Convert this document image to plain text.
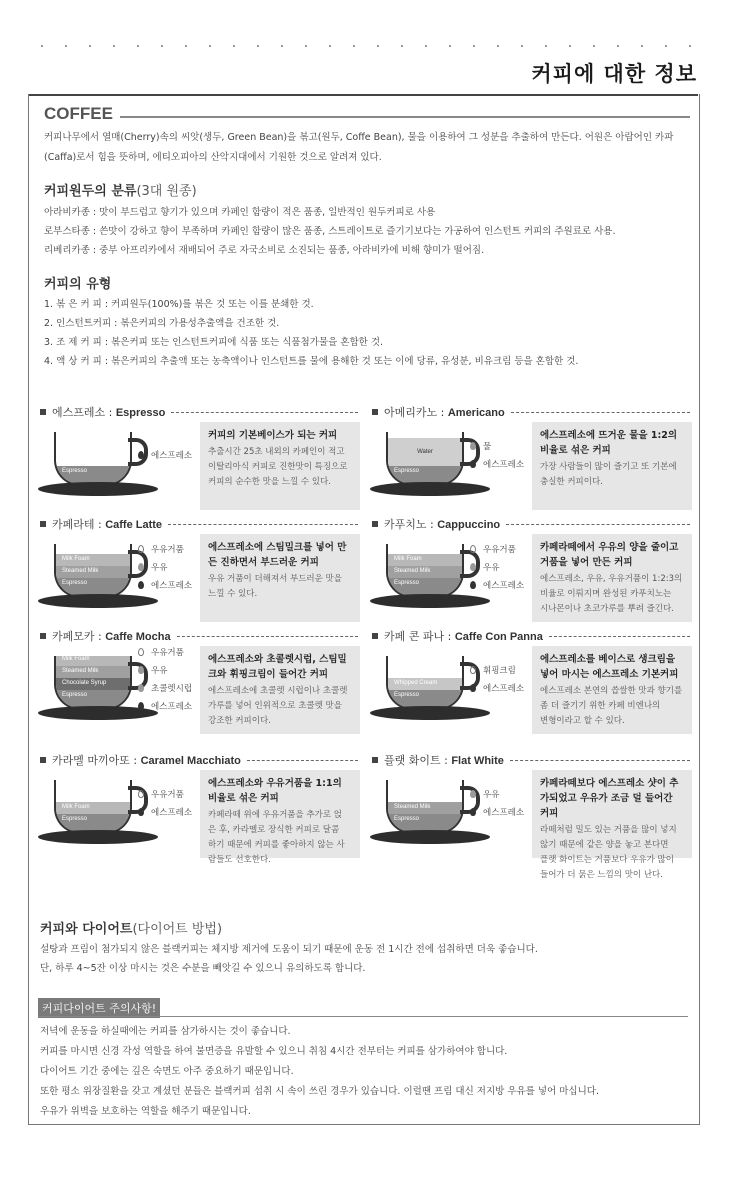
커피에 대한 정보
COFFEE
커피나무에서 열매(Cherry)속의 씨앗(생두, Green Bean)을 볶고(원두, Coffe Bean), 물을 이용하여 그 성분을 추출하여 만든다. 어원은 아랍어인 카파
(Caffa)로서 힘을 뜻하며, 에티오피아의 산악지대에서 기원한 것으로 알려져 있다.
커피원두의 분류(3대 원종)
아라비카종 : 맛이 부드럽고 향기가 있으며 카페인 함량이 적은 품종, 일반적인 원두커피로 사용
로부스타종 : 쓴맛이 강하고 향이 부족하며 카페인 함량이 많은 품종, 스트레이트로 즐기기보다는 가공하여 인스턴트 커피의 주원료로 사용.
리베리카종 : 중부 아프리카에서 재배되어 주로 자국소비로 소진되는 품종, 아라비카에 비해 향미가 떨어짐.
커피의 유형
1. 볶 은 커 피 : 커피원두(100%)를 볶은 것 또는 이를 분쇄한 것.
2. 인스턴트커피 : 볶은커피의 가용성추출액을 건조한 것.
3. 조 제 커 피 : 볶은커피 또는 인스턴트커피에 식품 또는 식품첨가물을 혼합한 것.
4. 액 상 커 피 : 볶은커피의 추출액 또는 농축액이나 인스턴트를 물에 용해한 것 또는 이에 당류, 유성분, 비유크림 등을 혼합한 것.
에스프레소 : Espresso
Espresso
에스프레소
커피의 기본베이스가 되는 커피
추출시간 25초 내외의 카페인이 적고
이탈리아식 커피로 진한맛이 특징으로
커피의 순수한 맛을 느낄 수 있다.
아메리카노 : Americano
Espresso
Water	물
에스프레소
에스프레소에 뜨거운 물을 1:2의 비율로 섞은 커피
가장 사람들이 많이 즐기고 또 기본에
충실한 커피이다.
카페라테 : Caffe Latte
Espresso
Steamed Milk
Milk Foam
우유거품
우유
에스프레소
에스프레소에 스팀밀크를 넣어 만든 진하면서 부드러운 커피
우유 거품이 더해져서 부드러운 맛을
느낄 수 있다.
카푸치노 : Cappuccino
Espresso
Steamed Milk
Milk Foam
우유거품
우유
에스프레소
카페라떼에서 우유의 양을 줄이고 거품을 넣어 만든 커피
에스프레소, 우유, 우유거품이 1:2:3의
비율로 이뤄지며 완성된 카푸치노는
시나몬이나 초코가루를 뿌려 즐긴다.
카페모카 : Caffe Mocha
Espresso
Chocolate Syrup
Steamed Milk
Milk Foam
우유거품
우유
초콜렛시럽
에스프레소
에스프레소와 초콜렛시럽, 스팀밀크와 휘핑크림이 들어간 커피
에스프레소에 초콜렛 시럽이나 초콜렛
가루를 넣어 인위적으로 초콜렛 맛을
강조한 커피이다.
카페 콘 파나 : Caffe Con Panna
Espresso
Whipped Cream
휘핑크림
에스프레소
에스프레소를 베이스로 생크림을 넣어 마시는 에스프레소 기본커피
에스프레소 본연의 씁쌀한 맛과 향기를
좀 더 즐기기 위한 카페 비엔나의
변형이라고 할 수 있다.
카라멜 마끼아또 : Caramel Macchiato
Espresso
Milk Foam
우유거품
에스프레소
에스프레소와 우유거품을 1:1의 비율로 섞은 커피
카페라떼 위에 우유거품을 추가로 얹
은 후, 카라멜로 장식한 커피로 달콤
하기 때문에 커피를 좋아하지 않는 사
람들도 선호한다.
플랫 화이트 : Flat White
Espresso
Steamed Milk
우유
에스프레소
카페라떼보다 에스프레소 샷이 추가되었고 우유가 조금 덜 들어간 커피
라떼처럼 밀도 있는 거품을 많이 넣지
않기 때문에 같은 양을 놓고 본다면
플랫 화이트는 거품보다 우유가 많이
들어가 더 묽은 느낌의 맛이 난다.
커피와 다이어트(다이어트 방법)
설탕과 프림이 첨가되지 않은 블랙커피는 체지방 제거에 도움이 되기 때문에 운동 전 1시간 전에 섭취하면 더욱 좋습니다.
단, 하루 4~5잔 이상 마시는 것은 수분을 빼앗길 수 있으니 유의하도록 합니다.
커피다이어트 주의사항!
저녁에 운동을 하실때에는 커피를 삼가하시는 것이 좋습니다.
커피를 마시면 신경 각성 역할을 하여 불면증을 유발할 수 있으니 취침 4시간 전부터는 커피를 삼가하여야 합니다.
다이어트 기간 중에는 깊은 숙면도 아주 중요하기 때문입니다.
또한 평소 위장질환을 갖고 계셨던 분들은 블랙커피 섭취 시 속이 쓰린 경우가 있습니다. 이럴땐 프림 대신 저지방 우유를 넣어 마십니다.
우유가 위벽을 보호하는 역할을 해주기 때문입니다.
